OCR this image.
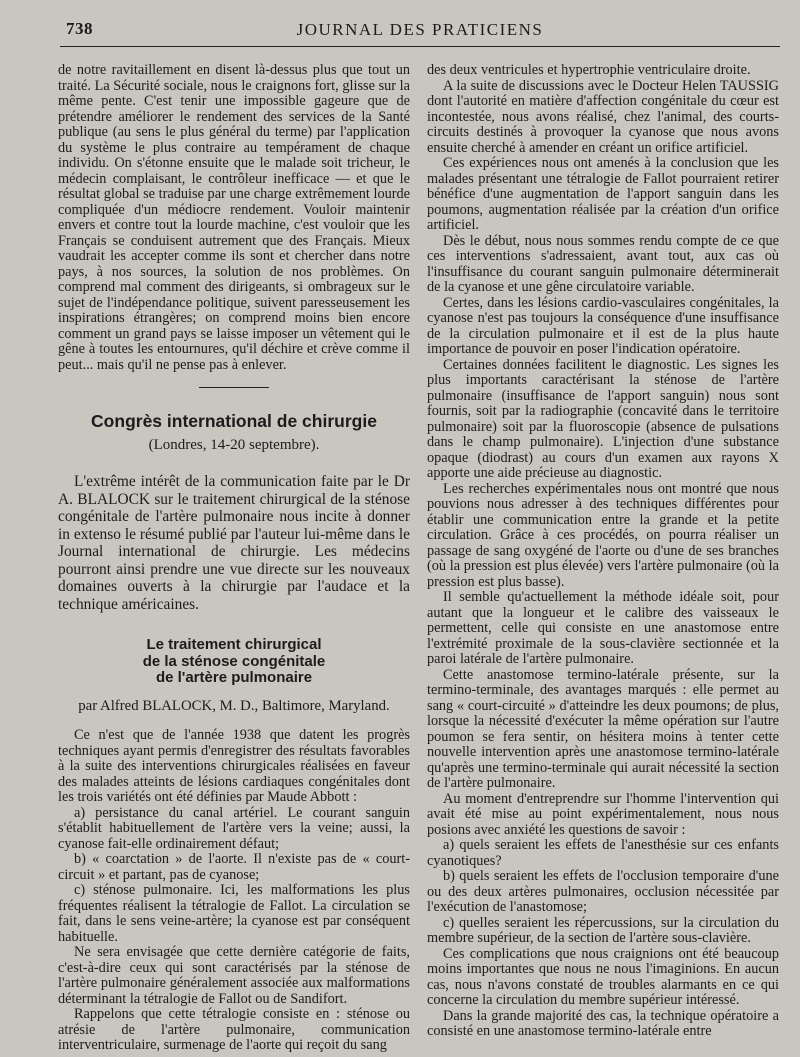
738	JOURNAL DES PRATICIENS

de notre ravitaillement en disent là-dessus plus que tout un traité. La Sécurité sociale, nous le craignons fort, glisse sur la même pente. C'est tenir une impossible gageure que de prétendre améliorer le rendement des services de la Santé publique (au sens le plus général du terme) par l'application du système le plus contraire au tempérament de chaque individu. On s'étonne ensuite que le malade soit tricheur, le médecin complaisant, le contrôleur inefficace — et que le résultat global se traduise par une charge extrêmement lourde compliquée d'un médiocre rendement. Vouloir maintenir envers et contre tout la lourde machine, c'est vouloir que les Français se conduisent autrement que des Français. Mieux vaudrait les accepter comme ils sont et chercher dans notre pays, à nos sources, la solution de nos problèmes. On comprend mal comment des dirigeants, si ombrageux sur le sujet de l'indépendance politique, suivent paresseusement les inspirations étrangères; on comprend moins bien encore comment un grand pays se laisse imposer un vêtement qui le gêne à toutes les entournures, qu'il déchire et crève comme il peut... mais qu'il ne pense pas à enlever.

Congrès international de chirurgie
(Londres, 14-20 septembre).

L'extrême intérêt de la communication faite par le Dr A. BLALOCK sur le traitement chirurgical de la sténose congénitale de l'artère pulmonaire nous incite à donner in extenso le résumé publié par l'auteur lui-même dans le Journal international de chirurgie. Les médecins pourront ainsi prendre une vue directe sur les nouveaux domaines ouverts à la chirurgie par l'audace et la technique américaines.

Le traitement chirurgical
de la sténose congénitale
de l'artère pulmonaire
par Alfred BLALOCK, M. D., Baltimore, Maryland.

Ce n'est que de l'année 1938 que datent les progrès techniques ayant permis d'enregistrer des résultats favorables à la suite des interventions chirurgicales réalisées en faveur des malades atteints de lésions cardiaques congénitales dont les trois variétés ont été définies par Maude Abbott :

a) persistance du canal artériel. Le courant sanguin s'établit habituellement de l'artère vers la veine; aussi, la cyanose fait-elle ordinairement défaut;

b) « coarctation » de l'aorte. Il n'existe pas de « court-circuit » et partant, pas de cyanose;

c) sténose pulmonaire. Ici, les malformations les plus fréquentes réalisent la tétralogie de Fallot. La circulation se fait, dans le sens veine-artère; la cyanose est par conséquent habituelle.

Ne sera envisagée que cette dernière catégorie de faits, c'est-à-dire ceux qui sont caractérisés par la sténose de l'artère pulmonaire généralement associée aux malformations déterminant la tétralogie de Fallot ou de Sandifort.

Rappelons que cette tétralogie consiste en : sténose ou atrésie de l'artère pulmonaire, communication interventriculaire, surmenage de l'aorte qui reçoit du sang

des deux ventricules et hypertrophie ventriculaire droite.

A la suite de discussions avec le Docteur Helen TAUSSIG dont l'autorité en matière d'affection congénitale du cœur est incontestée, nous avons réalisé, chez l'animal, des courts-circuits destinés à provoquer la cyanose que nous avons ensuite cherché à amender en créant un orifice artificiel.

Ces expériences nous ont amenés à la conclusion que les malades présentant une tétralogie de Fallot pourraient retirer bénéfice d'une augmentation de l'apport sanguin dans les poumons, augmentation réalisée par la création d'un orifice artificiel.

Dès le début, nous nous sommes rendu compte de ce que ces interventions s'adressaient, avant tout, aux cas où l'insuffisance du courant sanguin pulmonaire déterminerait de la cyanose et une gêne circulatoire variable.

Certes, dans les lésions cardio-vasculaires congénitales, la cyanose n'est pas toujours la conséquence d'une insuffisance de la circulation pulmonaire et il est de la plus haute importance de pouvoir en poser l'indication opératoire.

Certaines données facilitent le diagnostic. Les signes les plus importants caractérisant la sténose de l'artère pulmonaire (insuffisance de l'apport sanguin) nous sont fournis, soit par la radiographie (concavité dans le territoire pulmonaire) soit par la fluoroscopie (absence de pulsations dans le champ pulmonaire). L'injection d'une substance opaque (diodrast) au cours d'un examen aux rayons X apporte une aide précieuse au diagnostic.

Les recherches expérimentales nous ont montré que nous pouvions nous adresser à des techniques différentes pour établir une communication entre la grande et la petite circulation. Grâce à ces procédés, on pourra réaliser un passage de sang oxygéné de l'aorte ou d'une de ses branches (où la pression est plus élevée) vers l'artère pulmonaire (où la pression est plus basse).

Il semble qu'actuellement la méthode idéale soit, pour autant que la longueur et le calibre des vaisseaux le permettent, celle qui consiste en une anastomose entre l'extrémité proximale de la sous-clavière sectionnée et la paroi latérale de l'artère pulmonaire.

Cette anastomose termino-latérale présente, sur la termino-terminale, des avantages marqués : elle permet au sang « court-circuité » d'atteindre les deux poumons; de plus, lorsque la nécessité d'exécuter la même opération sur l'autre poumon se fera sentir, on hésitera moins à tenter cette nouvelle intervention après une anastomose termino-latérale qu'après une termino-terminale qui aurait nécessité la section de l'artère pulmonaire.

Au moment d'entreprendre sur l'homme l'intervention qui avait été mise au point expérimentalement, nous nous posions avec anxiété les questions de savoir :

a) quels seraient les effets de l'anesthésie sur ces enfants cyanotiques?

b) quels seraient les effets de l'occlusion temporaire d'une ou des deux artères pulmonaires, occlusion nécessitée par l'exécution de l'anastomose;

c) quelles seraient les répercussions, sur la circulation du membre supérieur, de la section de l'artère sous-clavière.

Ces complications que nous craignions ont été beaucoup moins importantes que nous ne nous l'imaginions. En aucun cas, nous n'avons constaté de troubles alarmants en ce qui concerne la circulation du membre supérieur intéressé.

Dans la grande majorité des cas, la technique opératoire a consisté en une anastomose termino-latérale entre
